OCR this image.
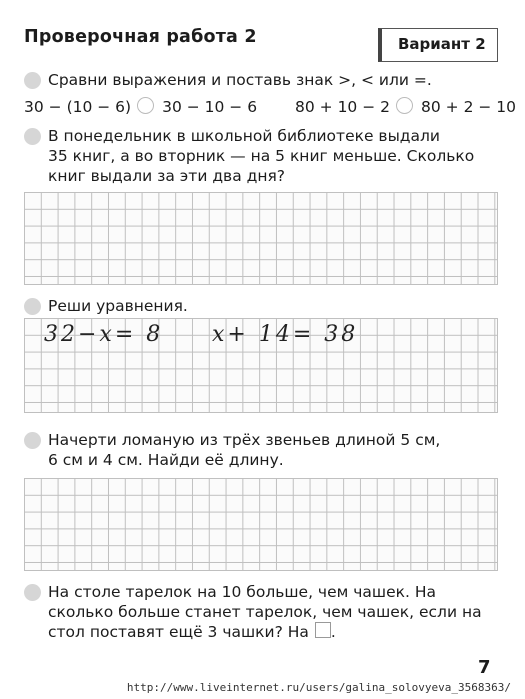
Проверочная работа 2	Вариант 2
Сравни выражения и поставь знак >, < или =.
30 − (10 − 6) 30 − 10 − 6 80 + 10 − 2 80 + 2 − 10
В понедельник в школьной библиотеке выдали
35 книг, а во вторник — на 5 книг меньше. Сколько
книг выдали за эти два дня?
Реши уравнения.
32−x= 8 x+ 14= 38
Начерти ломаную из трёх звеньев длиной 5 см,
6 см и 4 см. Найди её длину.
На столе тарелок на 10 больше, чем чашек. На
сколько больше станет тарелок, чем чашек, если на
стол поставят ещё 3 чашки? На .
7
http://www.liveinternet.ru/users/galina_solovyeva_3568363/
